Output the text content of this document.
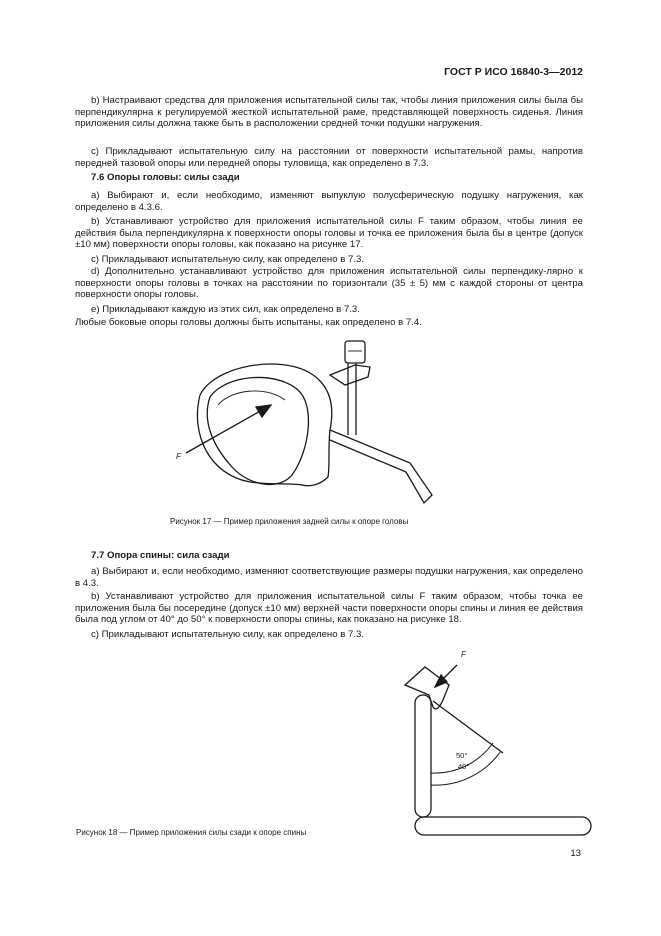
ГОСТ Р ИСО 16840-3—2012

b) Настраивают средства для приложения испытательной силы так, чтобы линия приложения силы была бы перпендикулярна к регулируемой жесткой испытательной раме, представляющей поверхность сиденья. Линия приложения силы должна также быть в расположении средней точки подушки нагружения.

c) Прикладывают испытательную силу на расстоянии от поверхности испытательной рамы, напротив передней тазовой опоры или передней опоры туловища, как определено в 7.3.

7.6 Опоры головы: силы сзади

a) Выбирают и, если необходимо, изменяют выпуклую полусферическую подушку нагружения, как определено в 4.3.6.

b) Устанавливают устройство для приложения испытательной силы F таким образом, чтобы линия ее действия была перпендикулярна к поверхности опоры головы и точка ее приложения была бы в центре (допуск ±10 мм) поверхности опоры головы, как показано на рисунке 17.

c) Прикладывают испытательную силу, как определено в 7.3.

d) Дополнительно устанавливают устройство для приложения испытательной силы перпендику-лярно к поверхности опоры головы в точках на расстоянии по горизонтали (35 ± 5) мм с каждой стороны от центра поверхности опоры головы.

e) Прикладывают каждую из этих сил, как определено в 7.3.

Любые боковые опоры головы должны быть испытаны, как определено в 7.4.

F
Рисунок 17 — Пример приложения задней силы к опоре головы
7.7 Опора спины: сила сзади

a) Выбирают и, если необходимо, изменяют соответствующие размеры подушки нагружения, как определено в 4.3.

b) Устанавливают устройство для приложения испытательной силы F таким образом, чтобы точка ее приложения была бы посередине (допуск ±10 мм) верхней части поверхности опоры спины и линия ее действия была под углом от 40° до 50° к поверхности опоры спины, как показано на рисунке 18.

c) Прикладывают испытательную силу, как определено в 7.3.

F
50°
40°
Рисунок 18 — Пример приложения силы сзади к опоре спины
13
